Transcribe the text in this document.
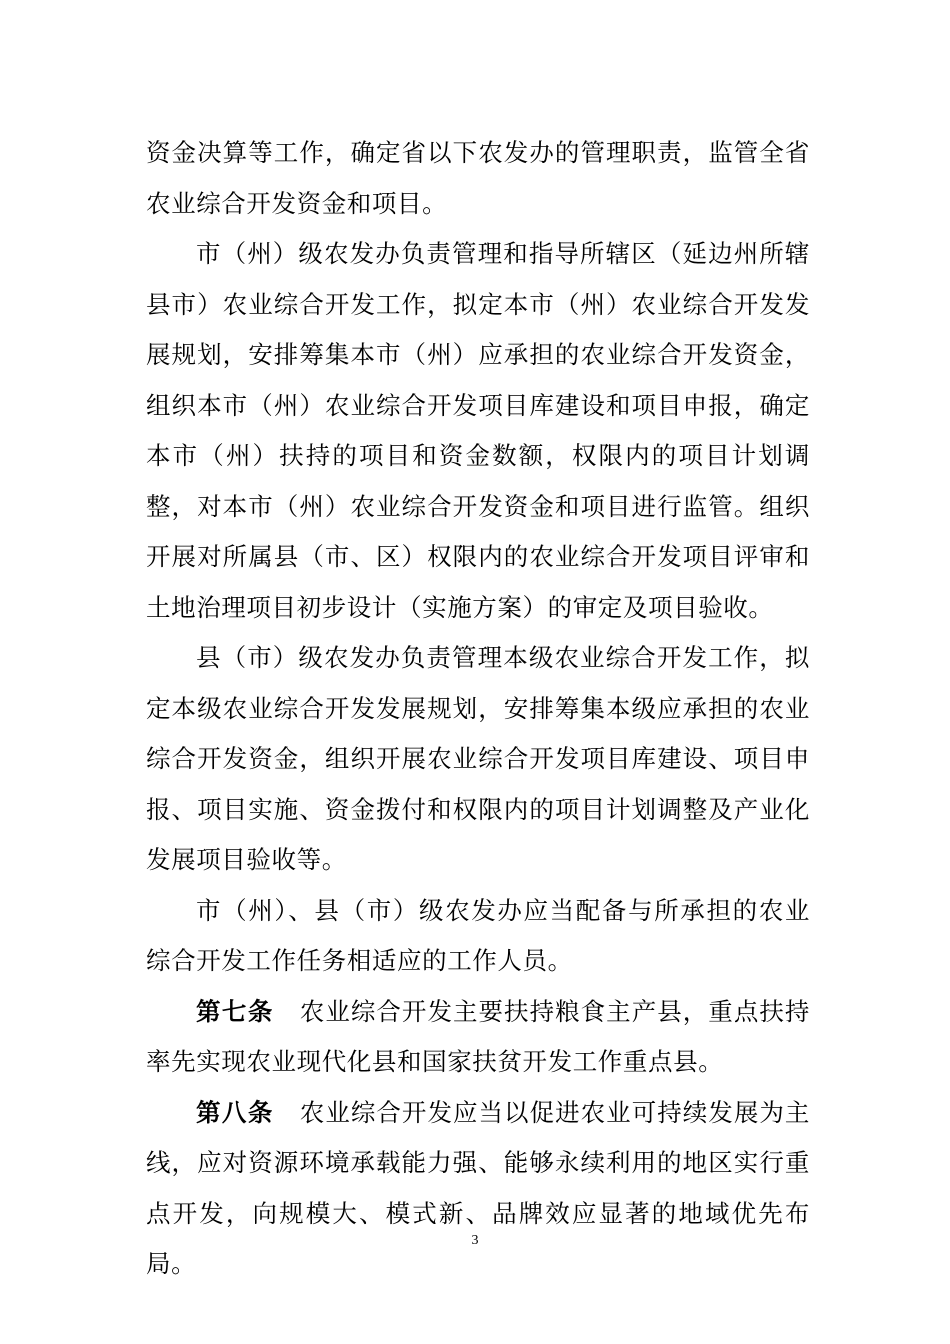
资金决算等工作，确定省以下农发办的管理职责，监管全省农业综合开发资金和项目。

市（州）级农发办负责管理和指导所辖区（延边州所辖县市）农业综合开发工作，拟定本市（州）农业综合开发发展规划，安排筹集本市（州）应承担的农业综合开发资金，组织本市（州）农业综合开发项目库建设和项目申报，确定本市（州）扶持的项目和资金数额，权限内的项目计划调整，对本市（州）农业综合开发资金和项目进行监管。组织开展对所属县（市、区）权限内的农业综合开发项目评审和土地治理项目初步设计（实施方案）的审定及项目验收。

县（市）级农发办负责管理本级农业综合开发工作，拟定本级农业综合开发发展规划，安排筹集本级应承担的农业综合开发资金，组织开展农业综合开发项目库建设、项目申报、项目实施、资金拨付和权限内的项目计划调整及产业化发展项目验收等。

市（州）、县（市）级农发办应当配备与所承担的农业综合开发工作任务相适应的工作人员。

第七条 农业综合开发主要扶持粮食主产县，重点扶持率先实现农业现代化县和国家扶贫开发工作重点县。

第八条 农业综合开发应当以促进农业可持续发展为主线，应对资源环境承载能力强、能够永续利用的地区实行重点开发，向规模大、模式新、品牌效应显著的地域优先布局。

3
